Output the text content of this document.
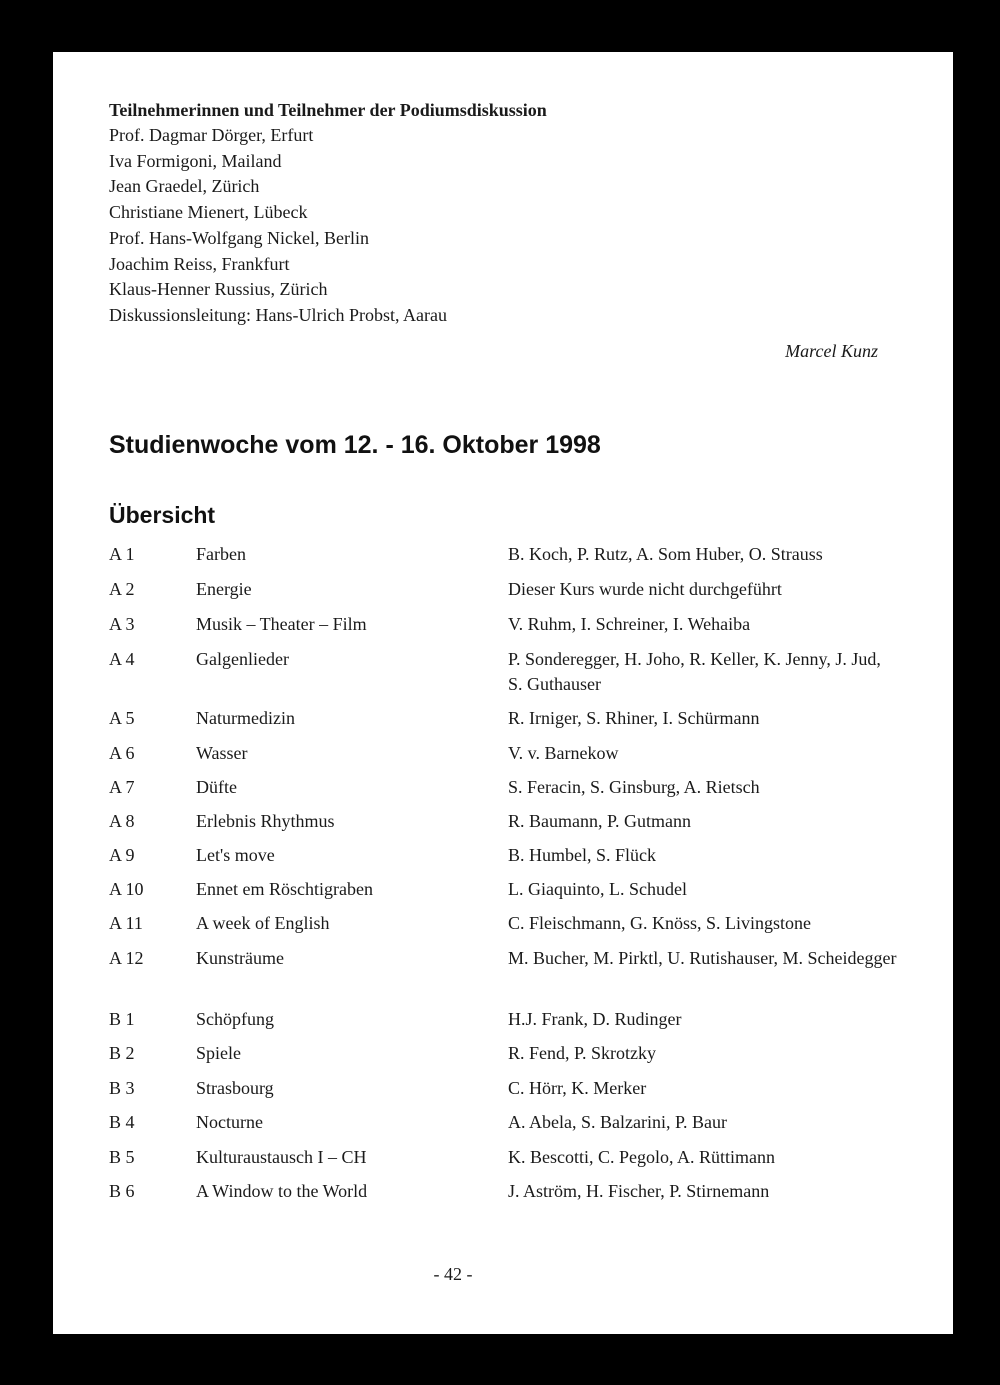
Teilnehmerinnen und Teilnehmer der Podiumsdiskussion
Prof. Dagmar Dörger, Erfurt
Iva Formigoni, Mailand
Jean Graedel, Zürich
Christiane Mienert, Lübeck
Prof. Hans-Wolfgang Nickel, Berlin
Joachim Reiss, Frankfurt
Klaus-Henner Russius, Zürich
Diskussionsleitung: Hans-Ulrich Probst, Aarau
Marcel Kunz
Studienwoche vom 12. - 16. Oktober 1998
Übersicht
A 1	Farben	B. Koch, P. Rutz, A. Som Huber, O. Strauss
A 2	Energie	Dieser Kurs wurde nicht durchgeführt
A 3	Musik – Theater – Film	V. Ruhm, I. Schreiner, I. Wehaiba
A 4	Galgenlieder	P. Sonderegger, H. Joho, R. Keller, K. Jenny, J. Jud, S. Guthauser
A 5	Naturmedizin	R. Irniger, S. Rhiner, I. Schürmann
A 6	Wasser	V. v. Barnekow
A 7	Düfte	S. Feracin, S. Ginsburg, A. Rietsch
A 8	Erlebnis Rhythmus	R. Baumann, P. Gutmann
A 9	Let's move	B. Humbel, S. Flück
A 10	Ennet em Röschtigraben	L. Giaquinto, L. Schudel
A 11	A week of English	C. Fleischmann, G. Knöss, S. Livingstone
A 12	Kunsträume	M. Bucher, M. Pirktl, U. Rutishauser, M. Scheidegger
B 1	Schöpfung	H.J. Frank, D. Rudinger
B 2	Spiele	R. Fend, P. Skrotzky
B 3	Strasbourg	C. Hörr, K. Merker
B 4	Nocturne	A. Abela, S. Balzarini, P. Baur
B 5	Kulturaustausch I – CH	K. Bescotti, C. Pegolo, A. Rüttimann
B 6	A Window to the World	J. Aström, H. Fischer, P. Stirnemann
- 42 -
